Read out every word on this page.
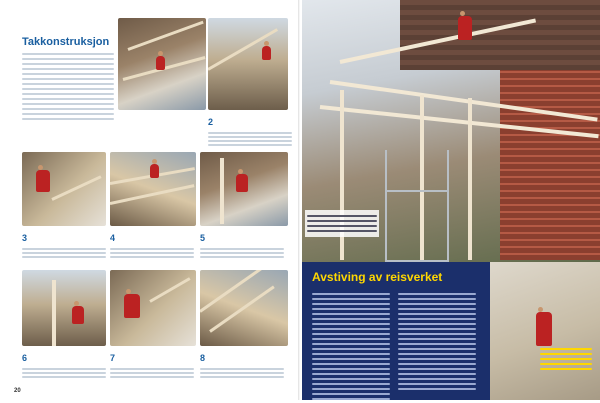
Takkonstruksjon
2
3	4	5
6	7	8
20
Avstiving av reisverket
